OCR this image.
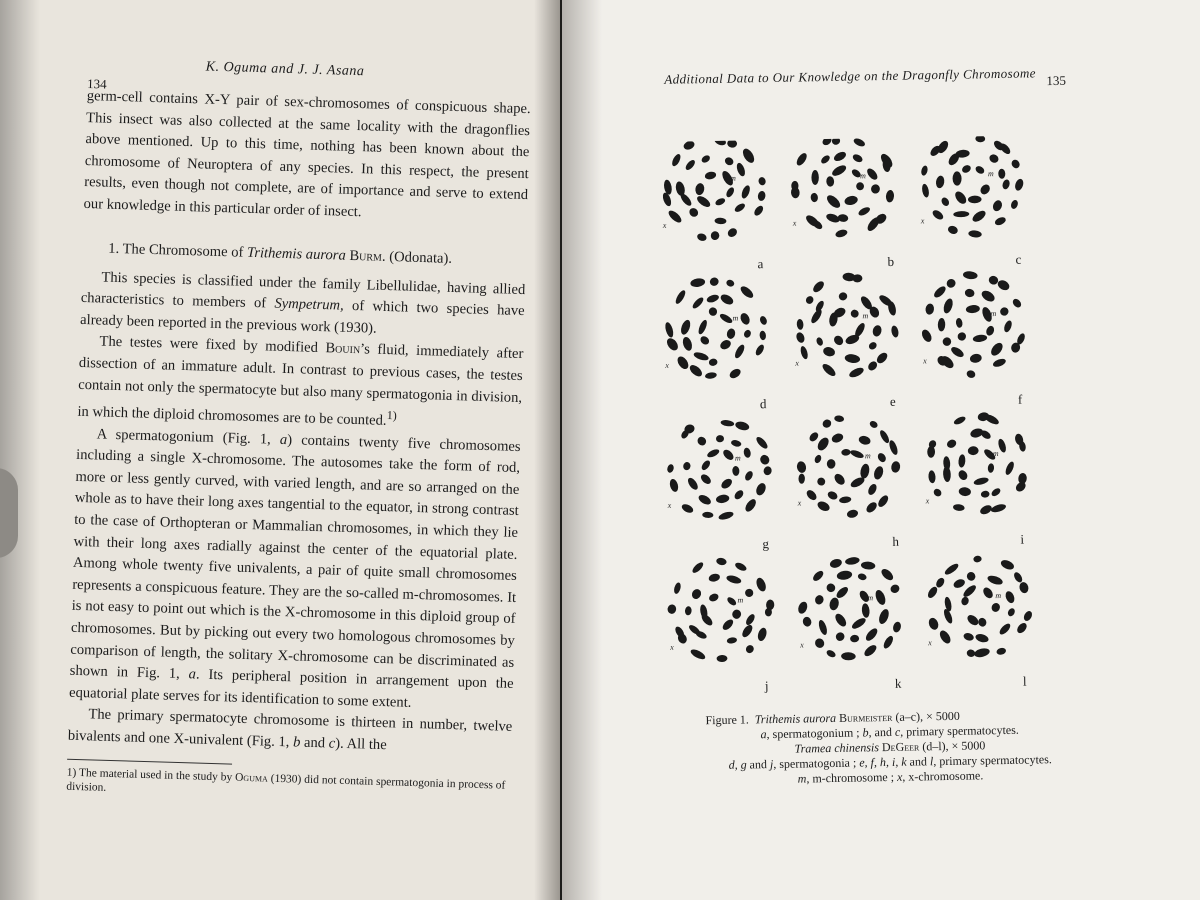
134
K. Oguma and J. J. Asana

germ-cell contains X-Y pair of sex-chromosomes of conspicuous shape. This insect was also collected at the same locality with the dragonflies above mentioned. Up to this time, nothing has been known about the chromosome of Neuroptera of any species. In this respect, the present results, even though not complete, are of importance and serve to extend our knowledge in this particular order of insect.

1. The Chromosome of Trithemis aurora Burm. (Odonata).

This species is classified under the family Libellulidae, having allied characteristics to members of Sympetrum, of which two species have already been reported in the previous work (1930).

The testes were fixed by modified Bouin’s fluid, immediately after dissection of an immature adult. In contrast to previous cases, the testes contain not only the spermatocyte but also many spermatogonia in division, in which the diploid chromosomes are to be counted.$^{1)}$

A spermatogonium (Fig. 1, a) contains twenty five chromosomes including a single X-chromosome. The autosomes take the form of rod, more or less gently curved, with varied length, and are so arranged on the whole as to have their long axes tangential to the equator, in strong contrast to the case of Orthopteran or Mammalian chromosomes, in which they lie with their long axes radially against the center of the equatorial plate. Among whole twenty five univalents, a pair of quite small chromosomes represents a conspicuous feature. They are the so-called m-chromosomes. It is not easy to point out which is the X-chromosome in this diploid group of chromosomes. But by picking out every two homologous chromosomes by comparison of length, the solitary X-chromosome can be discriminated as shown in Fig. 1, a. Its peripheral position in arrangement upon the equatorial plate serves for its identification to some extent.

The primary spermatocyte chromosome is thirteen in number, twelve bivalents and one X-univalent (Fig. 1, b and c). All the

1) The material used in the study by Oguma (1930) did not contain spermatogonia in process of division.
Additional Data to Our Knowledge on the Dragonfly Chromosome 135
m
x
a
m
x
b
m
x
c
m
x
d
m
x
e
m
x
f
m
x
g
m
x
h
m
x
i
m
x
j
m
x
k
m
x
l
Figure 1. Trithemis aurora Burmeister (a–c), × 5000
a, spermatogonium ; b, and c, primary spermatocytes.
Tramea chinensis DeGeer (d–l), × 5000
d, g and j, spermatogonia ; e, f, h, i, k and l, primary spermatocytes.
m, m-chromosome ; x, x-chromosome.
